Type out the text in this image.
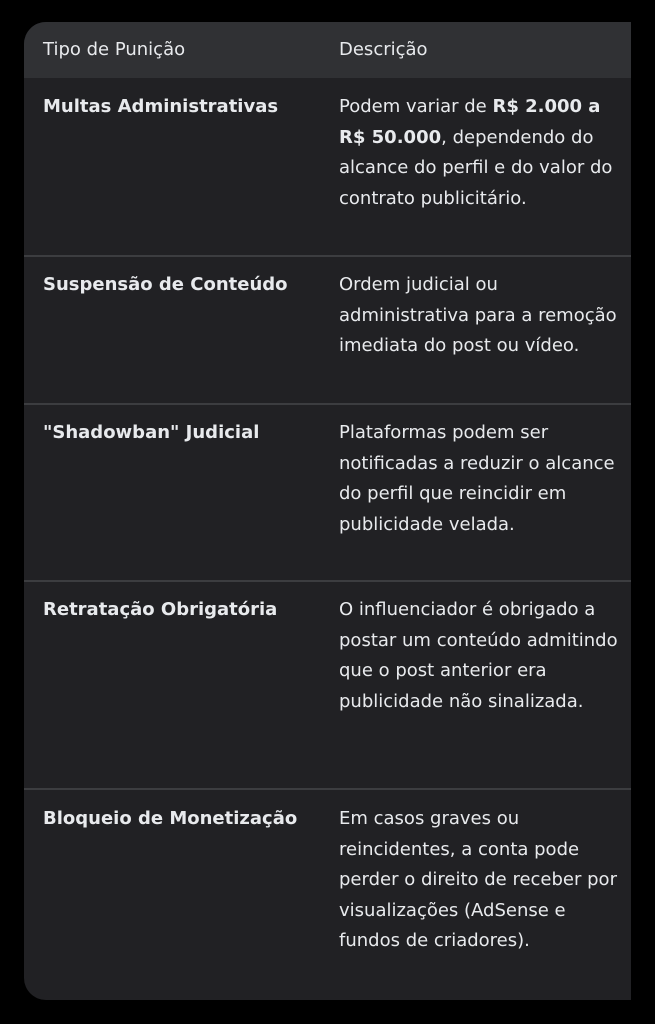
Tipo de Punição	Descrição
Multas Administrativas	Podem variar de R$ 2.000 a R$ 50.000, dependendo do alcance do perfil e do valor do contrato publicitário.
Suspensão de Conteúdo	Ordem judicial ou administrativa para a remoção imediata do post ou vídeo.
"Shadowban" Judicial	Plataformas podem ser notificadas a reduzir o alcance do perfil que reincidir em publicidade velada.
Retratação Obrigatória	O influenciador é obrigado a postar um conteúdo admitindo que o post anterior era publicidade não sinalizada.
Bloqueio de Monetização	Em casos graves ou reincidentes, a conta pode perder o direito de receber por visualizações (AdSense e fundos de criadores).
